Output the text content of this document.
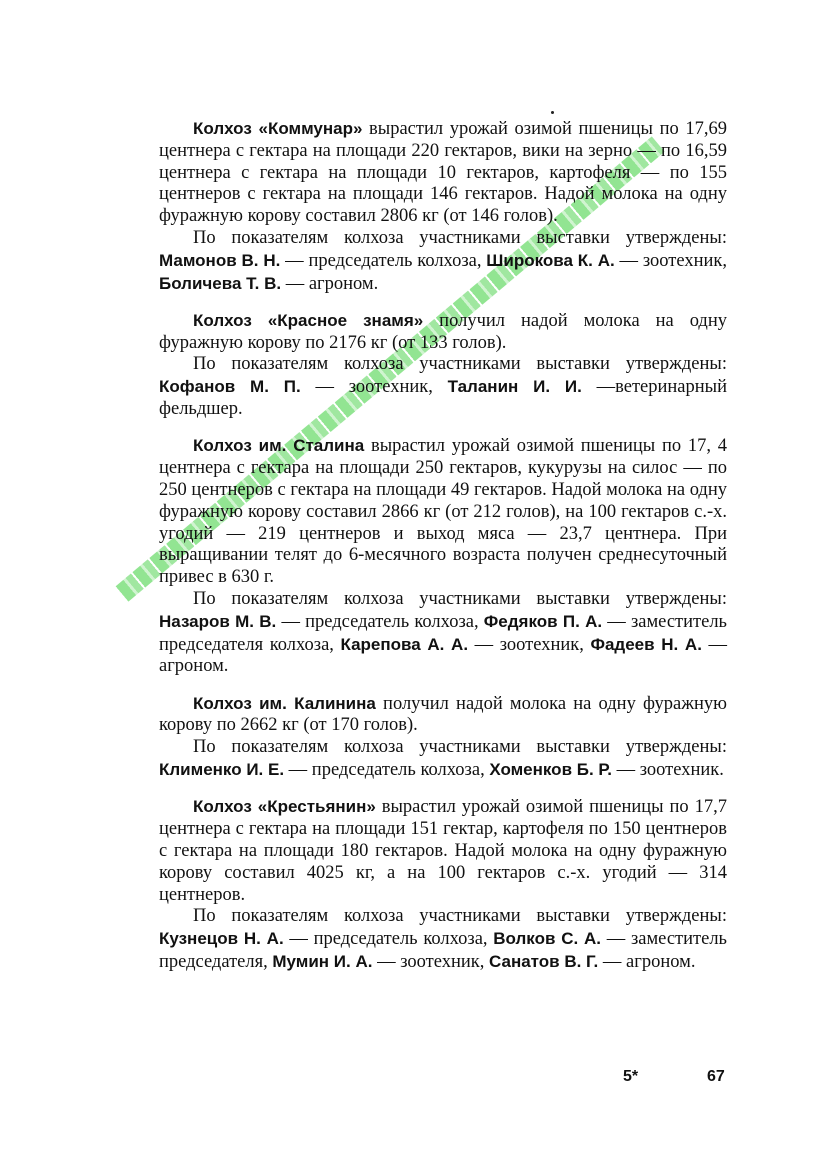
Колхоз «Коммунар» вырастил урожай озимой пшеницы по 17,69 центнера с гектара на площади 220 гектаров, вики на зерно — по 16,59 центнера с гектара на площади 10 гектаров, картофеля — по 155 центнеров с гектара на площади 146 гектаров. Надой молока на одну фуражную корову составил 2806 кг (от 146 голов).

По показателям колхоза участниками выставки утверждены: Мамонов В. Н. — председатель колхоза, Широкова К. А. — зоотехник, Боличева Т. В. — агроном.

Колхоз «Красное знамя» получил надой молока на одну фуражную корову по 2176 кг (от 133 голов).

По показателям колхоза участниками выставки утверждены: Кофанов М. П. — зоотехник, Таланин И. И. —ветеринарный фельдшер.

Колхоз им. Сталина вырастил урожай озимой пшеницы по 17, 4 центнера с гектара на площади 250 гектаров, кукурузы на силос — по 250 центнеров с гектара на площади 49 гектаров. Надой молока на одну фуражную корову составил 2866 кг (от 212 голов), на 100 гектаров с.-х. угодий — 219 центнеров и выход мяса — 23,7 центнера. При выращивании телят до 6-месячного возраста получен среднесуточный привес в 630 г.

По показателям колхоза участниками выставки утверждены: Назаров М. В. — председатель колхоза, Федяков П. А. — заместитель председателя колхоза, Карепова А. А. — зоотехник, Фадеев Н. А. — агроном.

Колхоз им. Калинина получил надой молока на одну фуражную корову по 2662 кг (от 170 голов).

По показателям колхоза участниками выставки утверждены: Клименко И. Е. — председатель колхоза, Хоменков Б. Р. — зоотехник.

Колхоз «Крестьянин» вырастил урожай озимой пшеницы по 17,7 центнера с гектара на площади 151 гектар, картофеля по 150 центнеров с гектара на площади 180 гектаров. Надой молока на одну фуражную корову составил 4025 кг, а на 100 гектаров с.-х. угодий — 314 центнеров.

По показателям колхоза участниками выставки утверждены: Кузнецов Н. А. — председатель колхоза, Волков С. А. — заместитель председателя, Мумин И. А. — зоотехник, Санатов В. Г. — агроном.

5*	67
